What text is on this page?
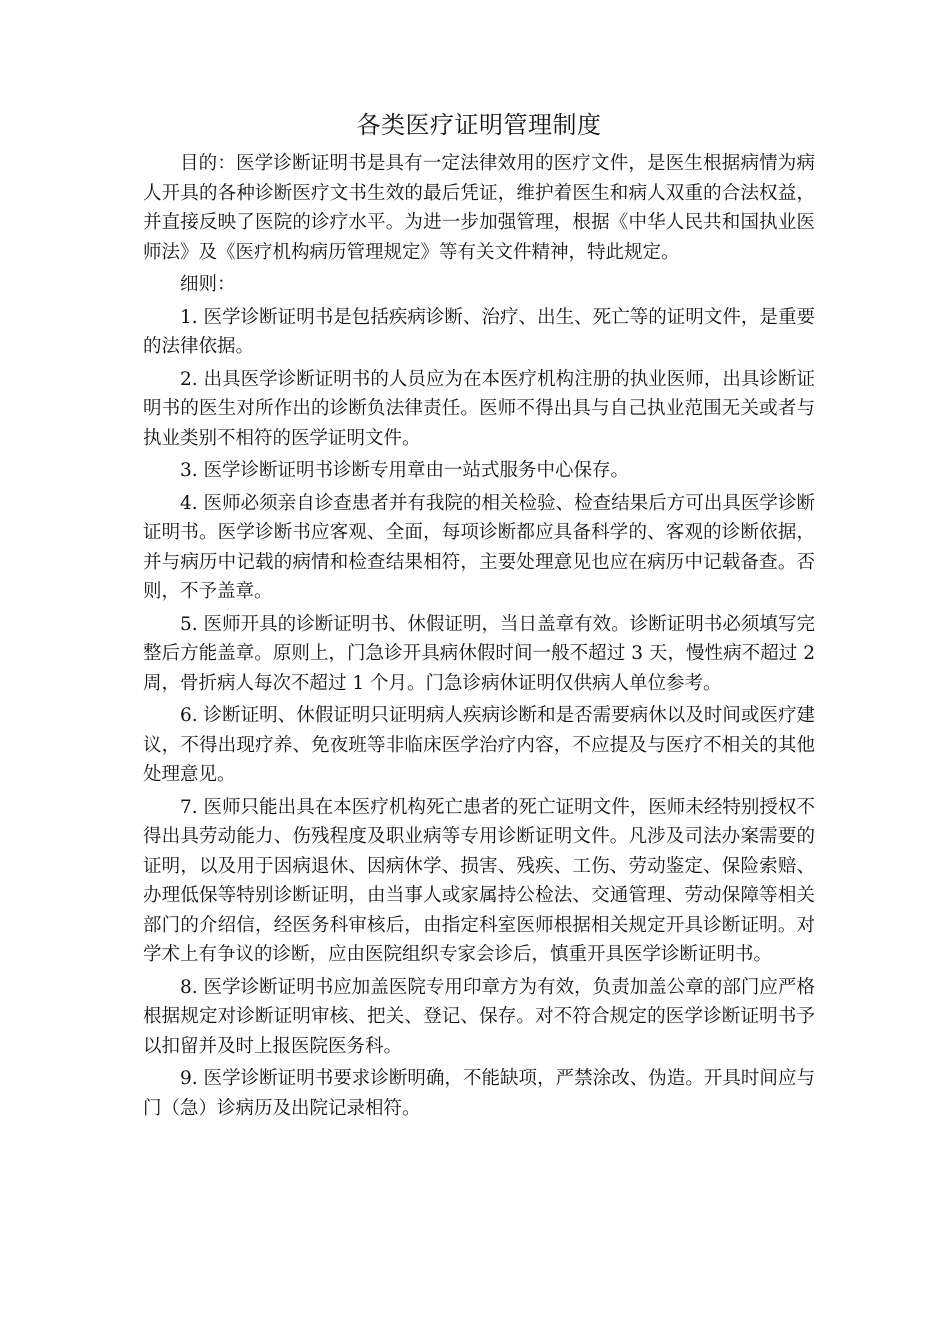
各类医疗证明管理制度

目的：医学诊断证明书是具有一定法律效用的医疗文件，是医生根据病情为病人开具的各种诊断医疗文书生效的最后凭证，维护着医生和病人双重的合法权益，并直接反映了医院的诊疗水平。为进一步加强管理，根据《中华人民共和国执业医师法》及《医疗机构病历管理规定》等有关文件精神，特此规定。

细则：

1. 医学诊断证明书是包括疾病诊断、治疗、出生、死亡等的证明文件，是重要的法律依据。

2. 出具医学诊断证明书的人员应为在本医疗机构注册的执业医师，出具诊断证明书的医生对所作出的诊断负法律责任。医师不得出具与自己执业范围无关或者与执业类别不相符的医学证明文件。

3. 医学诊断证明书诊断专用章由一站式服务中心保存。

4. 医师必须亲自诊查患者并有我院的相关检验、检查结果后方可出具医学诊断证明书。医学诊断书应客观、全面，每项诊断都应具备科学的、客观的诊断依据，并与病历中记载的病情和检查结果相符，主要处理意见也应在病历中记载备查。否则，不予盖章。

5. 医师开具的诊断证明书、休假证明，当日盖章有效。诊断证明书必须填写完整后方能盖章。原则上，门急诊开具病休假时间一般不超过 3 天，慢性病不超过 2 周，骨折病人每次不超过 1 个月。门急诊病休证明仅供病人单位参考。

6. 诊断证明、休假证明只证明病人疾病诊断和是否需要病休以及时间或医疗建议，不得出现疗养、免夜班等非临床医学治疗内容，不应提及与医疗不相关的其他处理意见。

7. 医师只能出具在本医疗机构死亡患者的死亡证明文件，医师未经特别授权不得出具劳动能力、伤残程度及职业病等专用诊断证明文件。凡涉及司法办案需要的证明，以及用于因病退休、因病休学、损害、残疾、工伤、劳动鉴定、保险索赔、办理低保等特别诊断证明，由当事人或家属持公检法、交通管理、劳动保障等相关部门的介绍信，经医务科审核后，由指定科室医师根据相关规定开具诊断证明。对学术上有争议的诊断，应由医院组织专家会诊后，慎重开具医学诊断证明书。

8. 医学诊断证明书应加盖医院专用印章方为有效，负责加盖公章的部门应严格根据规定对诊断证明审核、把关、登记、保存。对不符合规定的医学诊断证明书予以扣留并及时上报医院医务科。

9. 医学诊断证明书要求诊断明确，不能缺项，严禁涂改、伪造。开具时间应与门（急）诊病历及出院记录相符。
